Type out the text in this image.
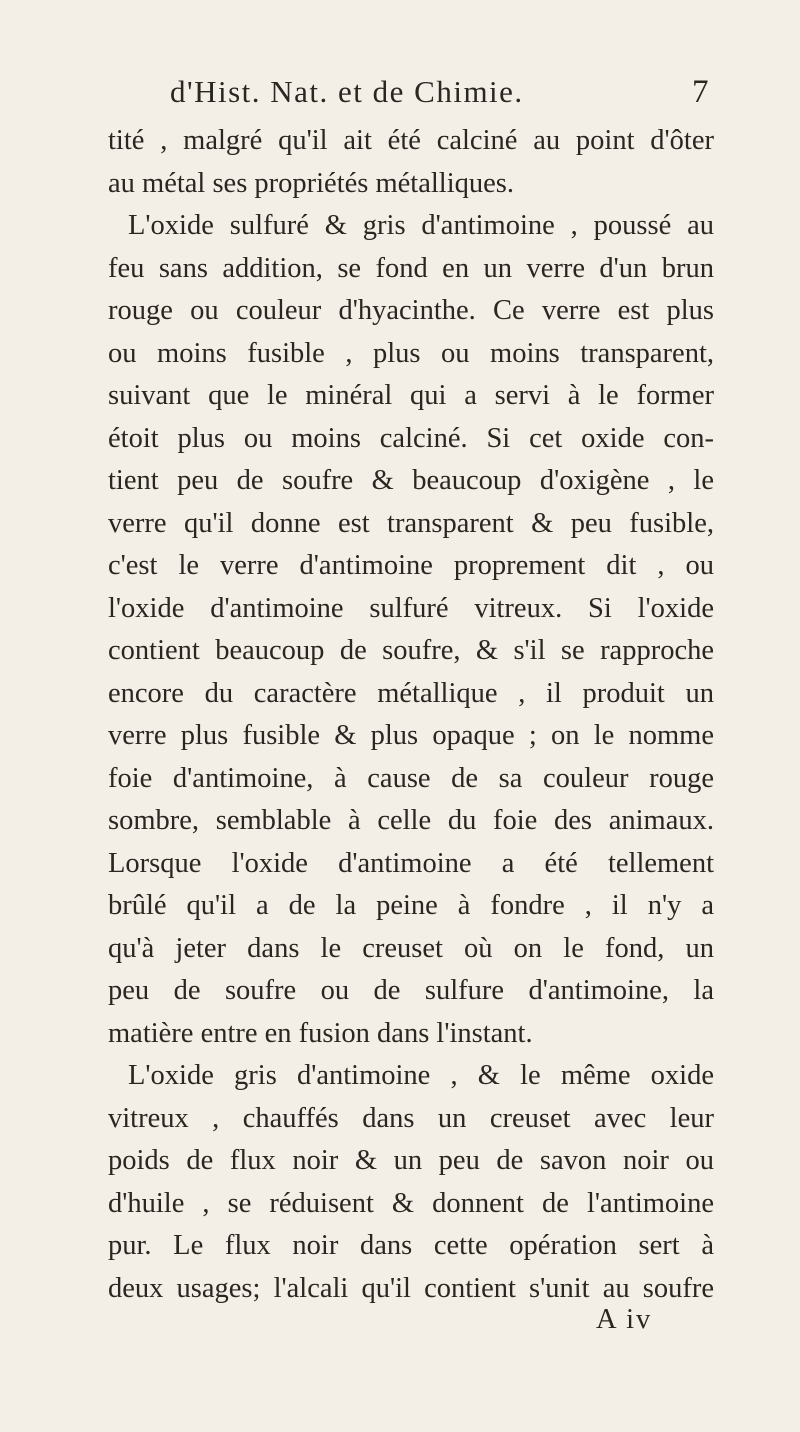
d'Hist. Nat. et de Chimie.	7
tité , malgré qu'il ait été calciné au point d'ôter
au métal ses propriétés métalliques.
L'oxide sulfuré & gris d'antimoine , poussé au
feu sans addition, se fond en un verre d'un brun
rouge ou couleur d'hyacinthe. Ce verre est plus
ou moins fusible , plus ou moins transparent,
suivant que le minéral qui a servi à le former
étoit plus ou moins calciné. Si cet oxide con-
tient peu de soufre & beaucoup d'oxigène , le
verre qu'il donne est transparent & peu fusible,
c'est le verre d'antimoine proprement dit , ou
l'oxide d'antimoine sulfuré vitreux. Si l'oxide
contient beaucoup de soufre, & s'il se rapproche
encore du caractère métallique , il produit un
verre plus fusible & plus opaque ; on le nomme
foie d'antimoine, à cause de sa couleur rouge
sombre, semblable à celle du foie des animaux.
Lorsque l'oxide d'antimoine a été tellement
brûlé qu'il a de la peine à fondre , il n'y a
qu'à jeter dans le creuset où on le fond, un
peu de soufre ou de sulfure d'antimoine, la
matière entre en fusion dans l'instant.
L'oxide gris d'antimoine , & le même oxide
vitreux , chauffés dans un creuset avec leur
poids de flux noir & un peu de savon noir ou
d'huile , se réduisent & donnent de l'antimoine
pur. Le flux noir dans cette opération sert à
deux usages; l'alcali qu'il contient s'unit au soufre
A iv
